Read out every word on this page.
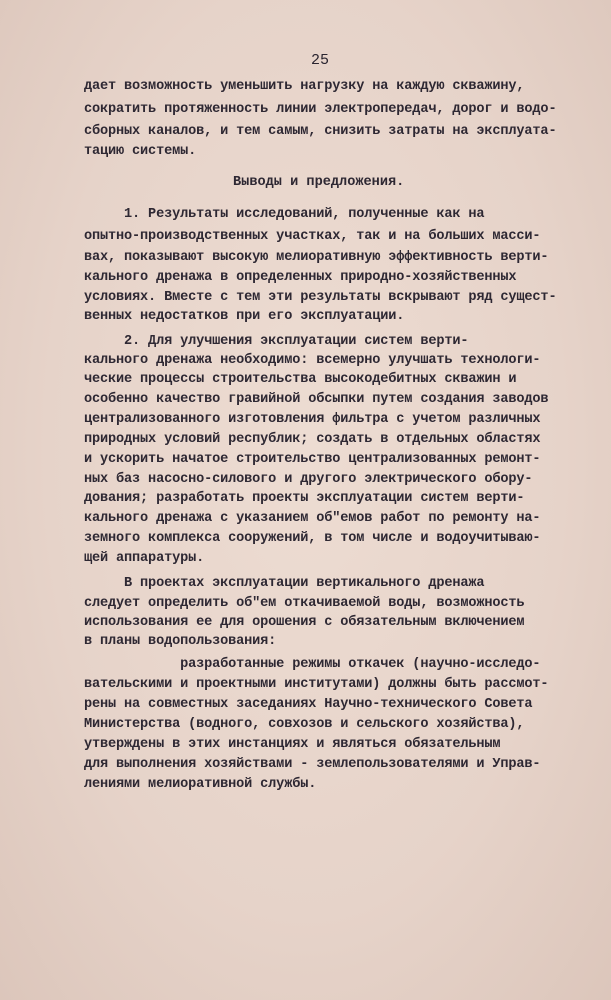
25
дает возможность уменьшить нагрузку на каждую скважину,
сократить протяженность линии электропередач, дорог и водо-
сборных каналов, и тем самым, снизить затраты на эксплуата-
тацию системы.
Выводы и предложения.
1. Результаты исследований, полученные как на
опытно-производственных участках, так и на больших масси-
вах, показывают высокую мелиоративную эффективность верти-
кального дренажа в определенных природно-хозяйственных
условиях. Вместе с тем эти результаты вскрывают ряд сущест-
венных недостатков при его эксплуатации.
2. Для улучшения эксплуатации систем верти-
кального дренажа необходимо: всемерно улучшать технологи-
ческие процессы строительства высокодебитных скважин и
особенно качество гравийной обсыпки путем создания заводов
централизованного изготовления фильтра с учетом различных
природных условий республик; создать в отдельных областях
и ускорить начатое строительство централизованных ремонт-
ных баз насосно-силового и другого электрического оборy-
дования; разработать проекты эксплуатации систем верти-
кального дренажа с указанием об"емов работ по ремонту на-
земного комплекса сооружений, в том числе и водоучитываю-
щей аппаратуры.
В проектах эксплуатации вертикального дренажа
следует определить об"ем откачиваемой воды, возможность
использования ее для орошения с обязательным включением
в планы водопользования:
разработанные режимы откачек (научно-исследо-
вательскими и проектными институтами) должны быть рассмот-
рены на совместных заседаниях Научно-технического Совета
Министерства (водного, совхозов и сельского хозяйства),
утверждены в этих инстанциях и являться обязательным
для выполнения хозяйствами - землепользователями и Управ-
лениями мелиоративной службы.
